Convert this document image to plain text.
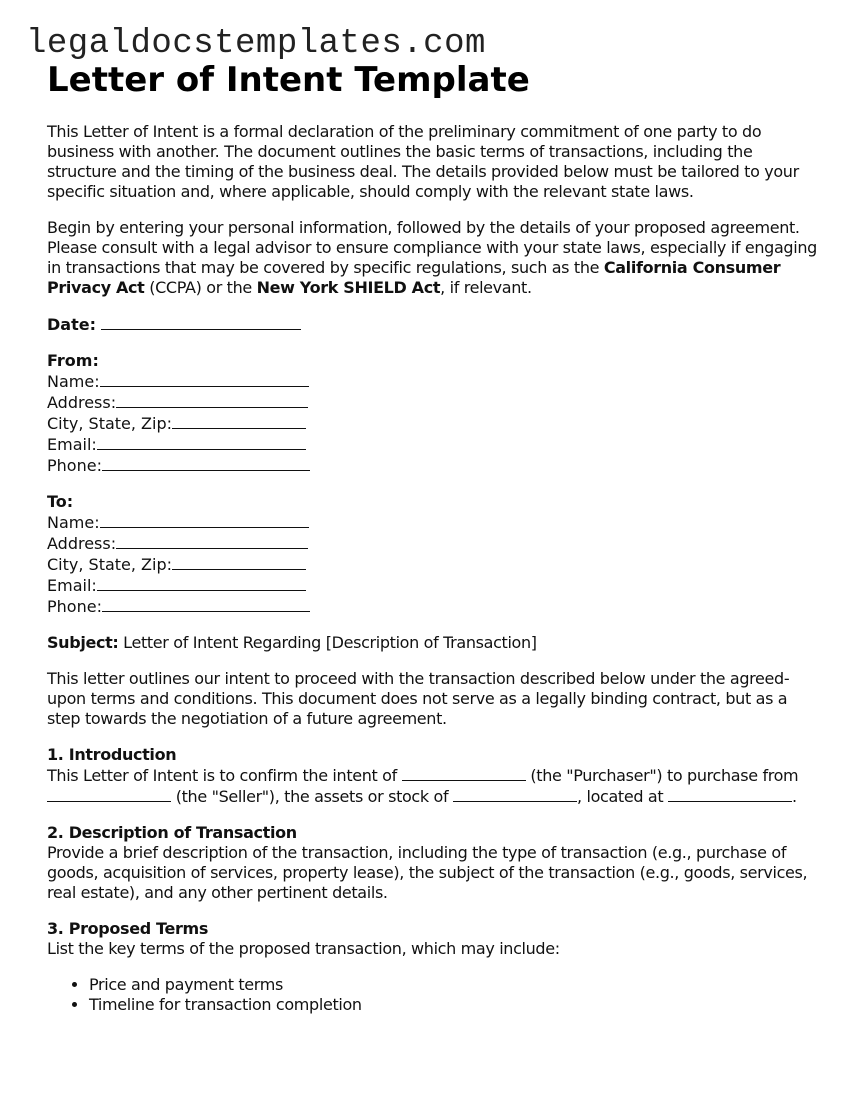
legaldocstemplates.com
Letter of Intent Template

This Letter of Intent is a formal declaration of the preliminary commitment of one party to do business with another. The document outlines the basic terms of transactions, including the structure and the timing of the business deal. The details provided below must be tailored to your specific situation and, where applicable, should comply with the relevant state laws.

Begin by entering your personal information, followed by the details of your proposed agreement. Please consult with a legal advisor to ensure compliance with your state laws, especially if engaging in transactions that may be covered by specific regulations, such as the California Consumer Privacy Act (CCPA) or the New York SHIELD Act, if relevant.

Date:
From:
Name:
Address:
City, State, Zip:
Email:
Phone:
To:
Name:
Address:
City, State, Zip:
Email:
Phone:

Subject: Letter of Intent Regarding [Description of Transaction]

This letter outlines our intent to proceed with the transaction described below under the agreed-upon terms and conditions. This document does not serve as a legally binding contract, but as a step towards the negotiation of a future agreement.

1. Introduction
This Letter of Intent is to confirm the intent of	(the "Purchaser") to purchase from  (the "Seller"), the assets or stock of	, located at	.

2. Description of Transaction
Provide a brief description of the transaction, including the type of transaction (e.g., purchase of goods, acquisition of services, property lease), the subject of the transaction (e.g., goods, services, real estate), and any other pertinent details.

3. Proposed Terms
List the key terms of the proposed transaction, which may include:
• Price and payment terms
• Timeline for transaction completion
